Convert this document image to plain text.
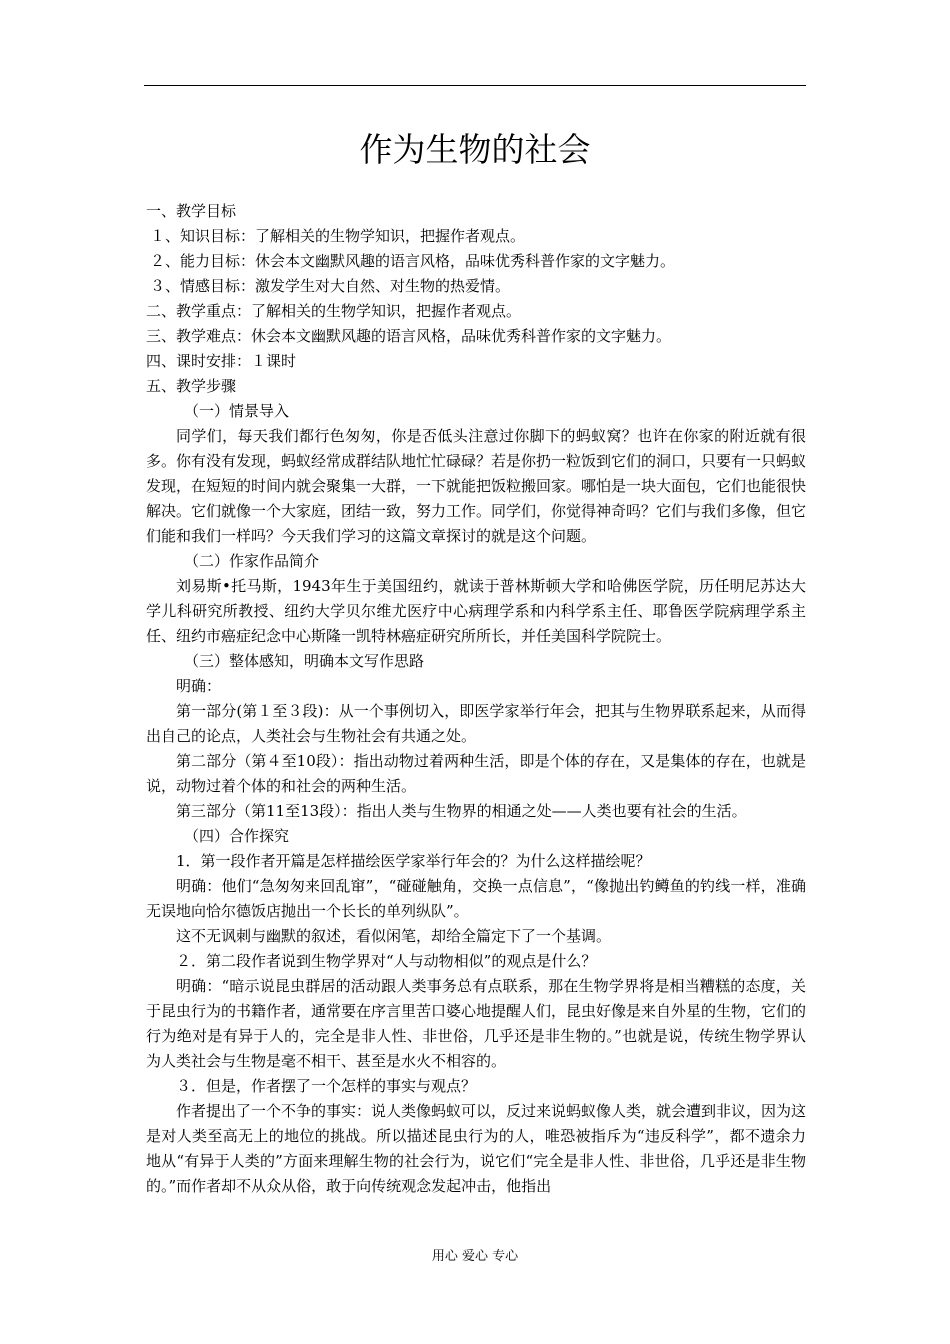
作为生物的社会

一、教学目标

１、知识目标：了解相关的生物学知识，把握作者观点。

２、能力目标：休会本文幽默风趣的语言风格，品味优秀科普作家的文字魅力。

３、情感目标：激发学生对大自然、对生物的热爱情。

二、教学重点：了解相关的生物学知识，把握作者观点。

三、教学难点：休会本文幽默风趣的语言风格，品味优秀科普作家的文字魅力。

四、课时安排：１课时

五、教学步骤

（一）情景导入

同学们，每天我们都行色匆匆，你是否低头注意过你脚下的蚂蚁窝？也许在你家的附近就有很多。你有没有发现，蚂蚁经常成群结队地忙忙碌碌？若是你扔一粒饭到它们的洞口，只要有一只蚂蚁发现，在短短的时间内就会聚集一大群，一下就能把饭粒搬回家。哪怕是一块大面包，它们也能很快解决。它们就像一个大家庭，团结一致，努力工作。同学们，你觉得神奇吗？它们与我们多像，但它们能和我们一样吗？今天我们学习的这篇文章探讨的就是这个问题。

（二）作家作品简介

刘易斯•托马斯，1943年生于美国纽约，就读于普林斯顿大学和哈佛医学院，历任明尼苏达大学儿科研究所教授、纽约大学贝尔维尤医疗中心病理学系和内科学系主任、耶鲁医学院病理学系主任、纽约市癌症纪念中心斯隆一凯特林癌症研究所所长，并任美国科学院院士。

（三）整体感知，明确本文写作思路

明确：

第一部分(第１至３段)：从一个事例切入，即医学家举行年会，把其与生物界联系起来，从而得出自己的论点，人类社会与生物社会有共通之处。

第二部分（第４至10段）：指出动物过着两种生活，即是个体的存在，又是集体的存在，也就是说，动物过着个体的和社会的两种生活。

第三部分（第11至13段）：指出人类与生物界的相通之处——人类也要有社会的生活。

（四）合作探究

1．第一段作者开篇是怎样描绘医学家举行年会的？为什么这样描绘呢？

明确：他们“急匆匆来回乱窜”，“碰碰触角，交换一点信息”，“像抛出钓鳟鱼的钓线一样，准确无误地向恰尔德饭店抛出一个长长的单列纵队”。

这不无讽刺与幽默的叙述，看似闲笔，却给全篇定下了一个基调。

２．第二段作者说到生物学界对“人与动物相似”的观点是什么？

明确：“暗示说昆虫群居的活动跟人类事务总有点联系，那在生物学界将是相当糟糕的态度，关于昆虫行为的书籍作者，通常要在序言里苦口婆心地提醒人们，昆虫好像是来自外星的生物，它们的行为绝对是有异于人的，完全是非人性、非世俗，几乎还是非生物的。”也就是说，传统生物学界认为人类社会与生物是毫不相干、甚至是水火不相容的。

３．但是，作者摆了一个怎样的事实与观点？

作者提出了一个不争的事实：说人类像蚂蚁可以，反过来说蚂蚁像人类，就会遭到非议，因为这是对人类至高无上的地位的挑战。所以描述昆虫行为的人，唯恐被指斥为“违反科学”，都不遗余力地从“有异于人类的”方面来理解生物的社会行为，说它们“完全是非人性、非世俗，几乎还是非生物的。”而作者却不从众从俗，敢于向传统观念发起冲击，他指出

用心 爱心 专心
